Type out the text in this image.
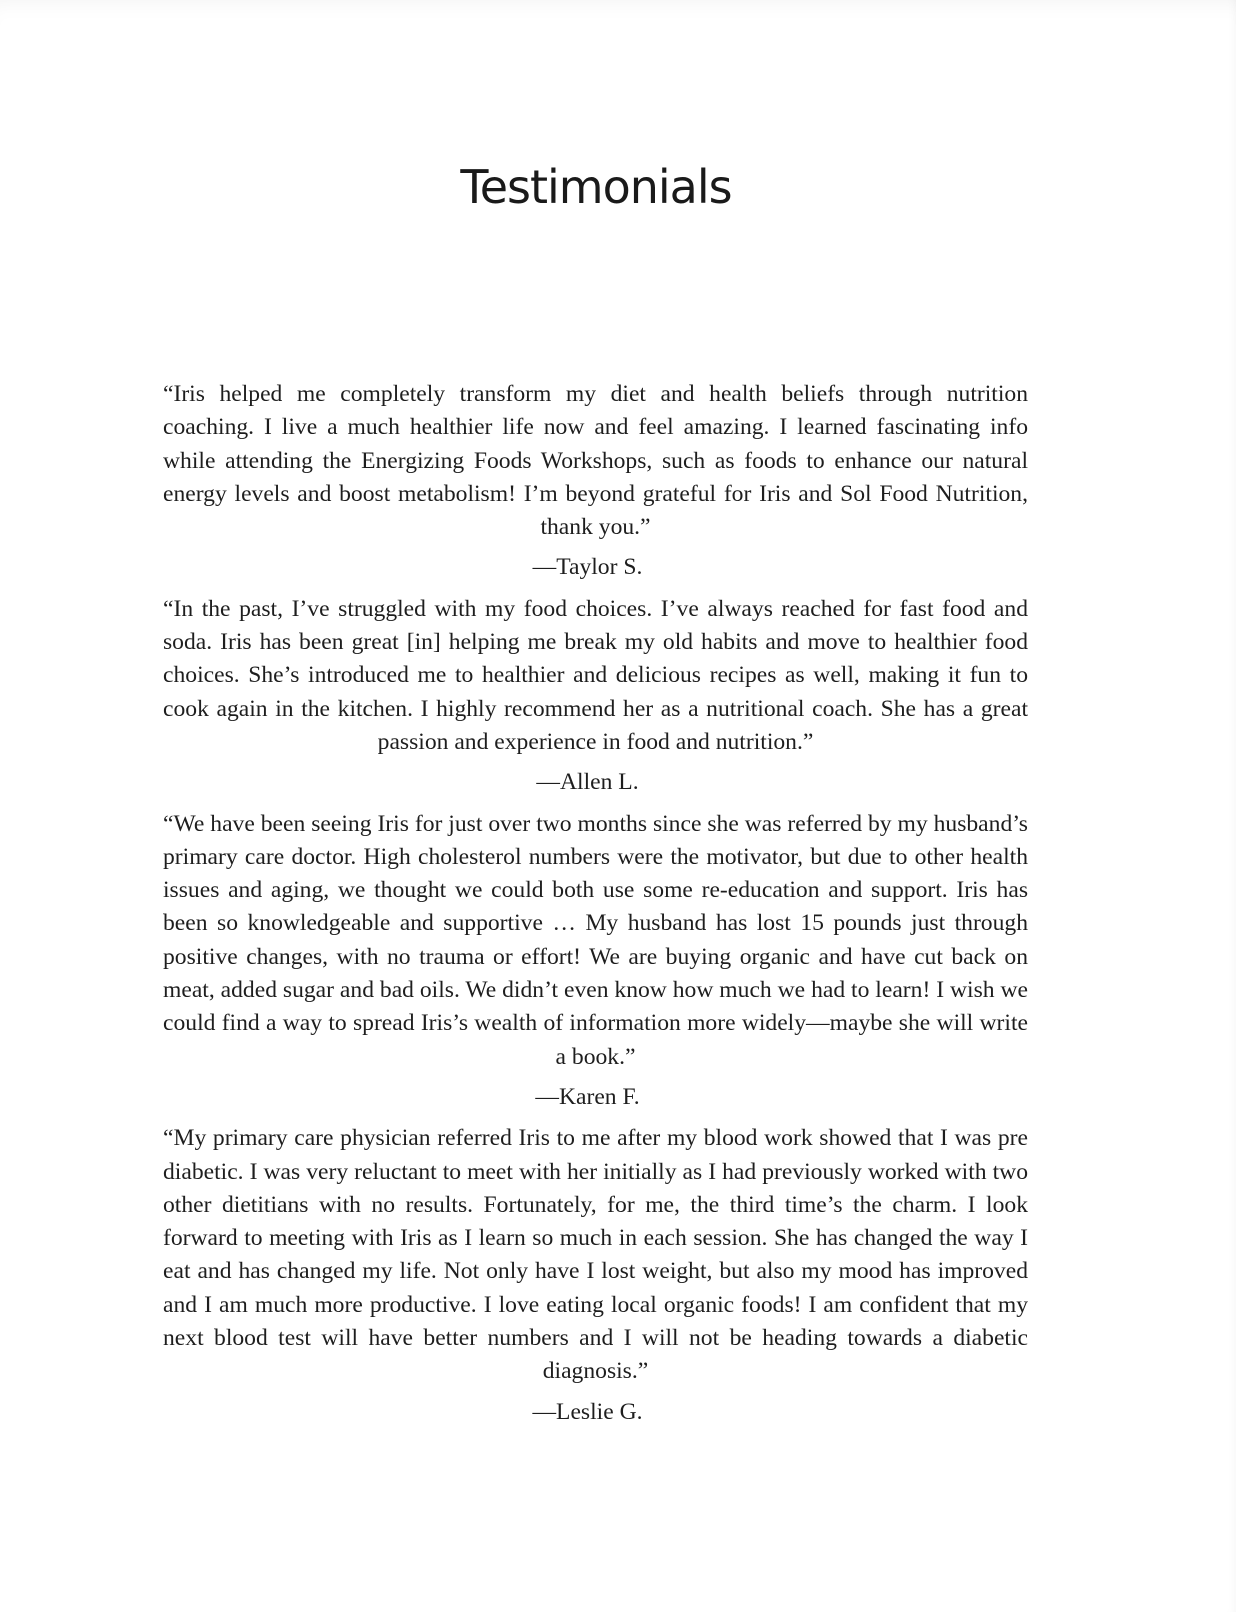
Testimonials

“Iris helped me completely transform my diet and health beliefs through nutrition coaching. I live a much healthier life now and feel amazing. I learned fascinating info while attending the Energizing Foods Workshops, such as foods to enhance our natural energy levels and boost metabolism! I’m beyond grateful for Iris and Sol Food Nutrition, thank you.”

—Taylor S.

“In the past, I’ve struggled with my food choices. I’ve always reached for fast food and soda. Iris has been great [in] helping me break my old habits and move to healthier food choices. She’s introduced me to healthier and delicious recipes as well, making it fun to cook again in the kitchen. I highly recommend her as a nutritional coach. She has a great passion and experience in food and nutrition.”

—Allen L.

“We have been seeing Iris for just over two months since she was referred by my husband’s primary care doctor. High cholesterol numbers were the motivator, but due to other health issues and aging, we thought we could both use some re-education and support. Iris has been so knowledgeable and supportive … My husband has lost 15 pounds just through positive changes, with no trauma or effort! We are buying organic and have cut back on meat, added sugar and bad oils. We didn’t even know how much we had to learn! I wish we could find a way to spread Iris’s wealth of information more widely—maybe she will write a book.”

—Karen F.

“My primary care physician referred Iris to me after my blood work showed that I was pre diabetic. I was very reluctant to meet with her initially as I had previously worked with two other dietitians with no results. Fortunately, for me, the third time’s the charm. I look forward to meeting with Iris as I learn so much in each session. She has changed the way I eat and has changed my life. Not only have I lost weight, but also my mood has improved and I am much more productive. I love eating local organic foods! I am confident that my next blood test will have better numbers and I will not be heading towards a diabetic diagnosis.”

—Leslie G.
